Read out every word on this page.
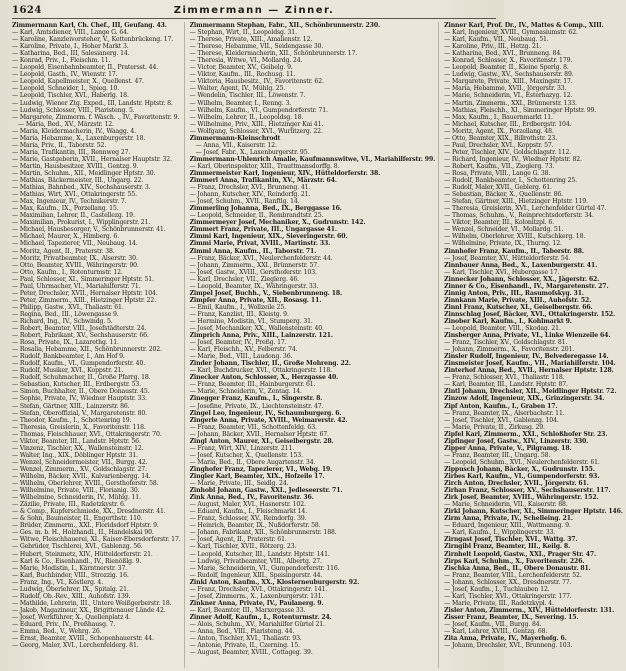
1624	Zimmermann — Zinner.
Zimmermann Karl, Ch. Chef., III, Geufang. 43.
— Karl, Amtsdiener, VIII., Lange G. 64.
— Karoline, Kanzleivorsteher, V., Kettenbrückeng. 17.
— Karoline, Private, I., Hoher Markt 3.
— Katharina, Bed., III, Salesianerg. 14.
— Konrad, Priv., I., Fleischm. 11.
— Leopold, Eisenbahnbeamter, II., Pratersst. 44.
— Leopold, Gasth., IV., Wienstr. 17.
— Leopold, Kapellmeister, X., Quellenst. 47.
— Leopold, Schneider, I., Spieg. 10.
— Leopold, Tischler, XVI., Haberlg. 18.
— Ludwig, Wiener Ztg. Exped., III, Landstr. Hptstr. 8.
— Ludwig, Schlosser, VIII., Piaristeng. 5.
— Margarete, Zimmerm. f. Wäsch. ., IV., Favoritenstr. 9.
— Maria, Bed., XV., Märzstr. 12.
— Maria, Kleidermacherin, IV., Waagg. 4.
— Maria, Hebamme, X., Laxenburgerstr. 18.
— Maria, Priv., II., Taborstr. 52.
— Maria, Trafikantin, III., Rennweg 27.
— Marie, Gastgeberin, XVII., Hernalser Hauptstr. 32.
— Martin, Hausbesitzer, XVIII., Gentzg. 9.
— Martin, Schuhm., XII., Meidlinger Hptstr. 30.
— Mathias, Bäckermeister, III., Ungarg. 22.
— Mathias, Bahnbed., XIV., Sechshauserstr. 3.
— Mathias, Wirt, XVI., Ottakringerstr. 55.
— Max, Ingenieur, IV., Technikerstr. 7.
— Max, Kaufm., IX., Porzellang. 15.
— Maximilian, Lehrer, II., Castellezg. 19.
— Maximilian, Prokurist, I., Wipplingerstr. 21.
— Michael, Hausbesorger, V., Schönbrunnerstr. 41.
— Michael, Maurer, X., Himberg. 6.
— Michael, Tapezierer, VII., Neubaug. 14.
— Moritz, Agent, II., Praterstr. 38.
— Moritz, Privatbeamter, IX., Alserstr. 30.
— Otto, Beamter, XVIII., Währingerstr. 90.
— Otto, Kaufm., I., Rotenturmstr. 12.
— Paul, Schlosser, XI., Simmeringer Hptstr. 51.
— Paul, Uhrmacher, VI., Mariahilferstr. 71.
— Peter, Drechsler, XVII., Hernalser Hptstr. 104.
— Peter, Zimmerm., XIII., Hietzinger Hptstr. 22.
— Philipp, Gastw., XVI., Thaliastr. 61.
— Regina, Bed., III., Löwengasse 9.
— Richard, Ing., IV., Schwindg. 5.
— Robert, Beamter, VIII., Josefstädterstr. 24.
— Robert, Fabrikant, XV., Sechshauserstr. 66.
— Rosa, Private, IX., Lazarethg. 11.
— Rosalia, Hebamme, XII., Schönbrunnerstr. 202.
— Rudolf, Bankbeamter, I., Am Hof 9.
— Rudolf, Kaufm., VI., Gumpendorferstr. 40.
— Rudolf, Musiker, XVI., Koppstr. 21.
— Rudolf, Schuhmacher, II., Große Pfarrg. 18.
— Sebastian, Kutscher, III., Erdbergstr. 53.
— Simon, Buchhalter, II., Obere Donaustr. 45.
— Sophie, Private, IV., Wiedner Hauptstr. 33.
— Stefan, Gärtner, XIII., Lainzerstr. 86.
— Stefan, Oberoffizial, V., Margaretenstr. 80.
— Theodor, Kaufm., I., Schottenring 19.
— Theresia, Greislerin, X., Favoritenstr. 118.
— Thomas, Fleischhauer, XVI., Ottakringerstr. 70.
— Viktor, Beamter, III., Landstr. Hptstr. 56.
— Vinzenz, Tischler, XX., Wallensteinstr. 12.
— Walter, Ing., XIX., Döblinger Hptstr. 31.
— Wenzel, Schneidermeister, VII., Burgg. 42.
— Wenzel, Zimmerm., XV., Goldschlagstr. 27.
— Wilhelm, Bäcker, XVII., Kalvarienbergg. 14.
— Wilhelm, Oberlehrer, XVIII., Gersthoferstr. 58.
— Wilhelmine, Private, VIII., Florianig. 30.
— Wilhelmine, Schneiderin, IV., Mühlg. 11.
— Zäzilie, Private, III., Radetzkystr. 6.
— & Comp., Kupferschmiede, XX., Dresdnerstr. 41.
— & Sohn, Baumeister, II., Engerthstr. 110.
— Brüder, Zimmerm., XXI., Floridsdorf Hptstr. 9.
— Ges. m. b. H., Holzhandl., II., Handelskai 90.
— Witwe, Fleischhauerei, XI., Kaiser-Ebersdorferstr. 17.
— Gebrüder, Tischlerei, XVI., Gablenzg. 56.
— Hubert, Steinmetz, XIV., Hütteldorferstr. 21.
— Karl & Co., Eisenhandl., IV., Rienößlg. 9.
— Marie, Modistin, I., Kärntnerstr. 37.
— Karl, Buchbinder, VIII., Strozzig. 16.
— Franz, Ing., VI., Köstlerg. 4.
— Ludwig, Oberlehrer, IX., Spitalg. 21.
— Rudolf, Ob.-Rev., XIII., Auhofstr. 139.
— Mathilde, Lehrerin, III., Untere Weißgerberstr. 18.
— Jakob, Magazineur, XX., Brigittenauer Lände 42.
— Josef, Werkführer, X., Quellenplatz 4.
— Eduard, Priv., IV., Preßhausg. 7.
— Emma, Bed., V., Wehrg. 26.
— Ernst, Beamter, XVIII., Schopenhauerstr. 44.
— Georg, Maler, XVI., Lerchenfelderg. 81.
Zimmermann Stephan, Fabr., XII., Schönbrunnerstr. 230.
— Stephan, Wirt, II., Leopoldsg. 31.
— Therese, Private, XIII., Amalienstr. 12.
— Therese, Hebamme, VII., Seidengasse 30.
— Therese, Kleidermacherin, XII., Schönbrunnerstr. 17.
— Theresia, Witwe, VI., Mollardg. 24.
— Victor, Beamter, XV., Geibelg. 9.
— Viktor, Kaufm., III., Rochusg. 11.
— Viktoria, Hausbesitz., IV., Favoritenstr. 62.
— Walter, Agent, IV., Mühlg. 25.
— Wendelin, Tischler, III., Löwenstr. 7.
— Wilhelm, Beamter, I., Renng. 3.
— Wilhelm, Kaufm., VI., Gumpendorferstr. 71.
— Wilhelm, Lehrer, II., Leopoldsg. 18.
— Wilhelmine, Priv., XIII., Hietzinger Kai 41.
— Wolfgang, Schlosser, XVI., Wurlitzerg. 22.
Zimmermann-Kleinschrodt
— Anna, VII., Kaiserstr. 12.
— Josef, Fabr., X., Laxenburgerstr. 95.
Zimmermann-Uhlenrich Amalie, Kaufmannswitwe, VI., Mariahilferstr. 99.
— Karl, Oberinspektor, XIII., Trauttmansdorffg. 8.
Zimmermeister Karl, Ingenieur, XIV., Hütteldorferstr. 38.
Zimmerl Anna, Trafikantin, XV., Märzstr. 64.
— Franz, Drechsler, XVI., Brunneng. 41.
— Johann, Kutscher, XIV., Reindorfg. 21.
— Josef, Schuhm., XVII., Ranftlg. 14.
Zimmerling Johanna, Bed., IX., Berggasse 16.
— Leopold, Schneider, II., Rembrandtstr. 25.
Zimmermeyer Josef, Mechaniker, X., Gudrunstr. 142.
Zimmert Franz, Private, III., Ungargasse 41.
Zimmi Karl, Ingenieur, XIX., Sieveringerstr. 60.
Zimmi Marie, Privat, XVIII., Martinstr. 33.
Zimml Anna, Kaufm., II., Taborstr. 71.
— Franz, Bäcker, XVI., Neulerchenfelderstr. 44.
— Johann, Zimmerm., XXI., Brünnerstr. 57.
— Josef, Gastw., XVIII., Gersthoferstr. 103.
— Karl, Drechsler, VII., Zieglerg. 46.
— Leopold, Beamter, IX., Währingerstr. 33.
Zimpel Josef, Buchh., V., Siebenbrunneng. 18.
Zimpfer Anna, Private, XII., Rosasg. 11.
— Emil, Kaufm., I., Wollzeile 25.
— Franz, Kanzlist, III., Kleistg. 9.
— Hermine, Modistin, VI., Stumperg. 31.
— Josef, Mechaniker, XX., Wallensteinstr. 40.
Zimprich Anna, Priv., XIII., Lainzerstr. 121.
— Josef, Beamter, IV., Preßg. 17.
— Karl, Fleischh., XV., Felberstr. 74.
— Marie, Bed., VIII., Laudong. 36.
Zinder Johann, Tischler, II., Große Mohreng. 22.
— Karl, Buchdrucker, XVI., Ottakringerstr. 118.
Zinecker Anton, Schlosser, X., Herzgasse 40.
— Franz, Beamter, III., Hainburgerstr. 61.
— Marie, Schneiderin, V., Zentag. 14.
Zinegger Franz, Kaufm., I., Singerstr. 8.
— Josefine, Private, IX., Liechtensteinstr. 47.
Zingel Leo, Ingenieur, IV., Schaumburgerg. 6.
Zingerle Anna, Private, XVIII., Weimarerstr. 42.
— Franz, Beamter, VII., Schottenfeldg. 63.
— Johann, Bäcker, XVII., Hernalser Hptstr. 67.
Zingl Anton, Maurer, XI., Geiselbergstr. 28.
— Franz, Wirt, XIV., Linzerstr. 211.
— Josef, Kutscher, X., Quellenstr. 153.
— Maria, Bed., II., Obere Augartenstr. 34.
Zinghofer Franz, Tapezierer, VI., Webg. 19.
Zingler Karl, Beamter, XIX., Hofzeile 17.
— Marie, Private, III., Seidlg. 24.
Zinhobl Johann, Gastw., XXI., Jedleseerstr. 71.
Zink Anna, Bed., IV., Favoritenstr. 36.
— August, Maler, XVI., Hasnerstr. 102.
— Eduard, Kaufm., I., Fleischmarkt 14.
— Franz, Schlosser, XV., Reindorfg. 39.
— Heinrich, Beamter, IX., Nußdorferstr. 58.
— Johann, Fabrikant, XII., Schönbrunnerstr. 188.
— Josef, Agent, II., Praterstr. 61.
— Karl, Tischler, XVII., Rötzerg. 23.
— Leopold, Kutscher, III., Landstr. Hptstr. 141.
— Ludwig, Privatbeamter, VIII., Albertg. 27.
— Marie, Schneiderin, VI., Gumpendorferstr. 116.
— Rudolf, Ingenieur, XIII., Speisingerstr. 44.
Zinkl Anton, Kaufm., XX., Klosterneuburgerstr. 92.
— Franz, Drechsler, XVI., Ottakringerstr. 141.
— Josef, Zimmerm., X., Laxenburgerstr. 131.
Zinkner Anna, Private, IV., Paulanerg. 9.
— Karl, Beamter, III., Marxergasse 33.
Zinner Adolf, Kaufm., I., Rotenturmstr. 24.
— Alois, Schuhm., XV., Mariahilfer Gürtel 21.
— Anna, Bed., VIII., Piaristeng. 44.
— Anton, Tischler, XVI., Thaliastr. 93.
— Antonie, Private, II., Czerning. 15.
— August, Beamter, XVIII., Cottageg. 39.
Zinner Karl, Prof. Dr., IV., Mattes & Comp., XIII.
— Karl, Ingenieur, XVIII., Gymnasiumstr. 62.
— Karl, Kaufm., VII., Neubaug. 51.
— Karoline, Priv., III., Hetzg. 21.
— Katharina, Bed., XVI., Brunneng. 84.
— Konrad, Schlosser, X., Favoritenstr. 179.
— Leopold, Beamter, II., Kleine Sperlg. 8.
— Ludwig, Gastw., XV., Sechshauserstr. 89.
— Margarete, Private, XIII., Maxingstr. 17.
— Maria, Hebamme, XVII., Jörgerstr. 33.
— Marie, Schneiderin, VI., Esterhazyg. 12.
— Martin, Zimmerm., XXI., Brünnerstr. 133.
— Mathias, Fleischh., XI., Simmeringer Hptstr. 99.
— Max, Kaufm., I., Bauernmarkt 11.
— Michael, Kutscher, III., Erdbergstr. 104.
— Moritz, Agent, IX., Porzellang. 48.
— Otto, Beamter, XIX., Billrothstr. 23.
— Paul, Drechsler, XVI., Koppstr. 57.
— Peter, Tischler, XIV., Goldschlagstr. 112.
— Richard, Ingenieur, IV., Wiedner Hptstr. 82.
— Robert, Kaufm., VII., Zieglerg. 73.
— Rosa, Private, VIII., Lange G. 38.
— Rudolf, Bankbeamter, I., Schottenring 25.
— Rudolf, Maler, XVII., Geblerg. 61.
— Sebastian, Bäcker, X., Quellenstr. 86.
— Stefan, Gärtner, XIII., Hietzinger Hptstr. 119.
— Theresia, Greislerin, XVI., Lerchenfelder Gürtel 47.
— Thomas, Schuhm., V., Reinprechtsdorferstr. 34.
— Viktor, Beamter, III., Kolonitzpl. 6.
— Wenzel, Schneider, VI., Mollardg. 51.
— Wilhelm, Oberlehrer, XVIII., Kutschkerg. 18.
— Wilhelmine, Private, IX., Thurng. 12.
Zinnhofer Franz, Kaufm., II., Taborstr. 88.
— Josef, Beamter, XV., Hütteldorferstr. 54.
Zinnbauer Anna, Bed., X., Laxenburgerstr. 41.
— Karl, Tischler, XVI., Hubergasse 17.
Zinnecker Johann, Schlosser, XX., Jägerstr. 62.
Zinner & Co., Eisenhandl., IV., Margaretenstr. 27.
Zinnig Anton, Priv., III., Rasumofskyg. 31.
Zinnkann Marie, Private, XIII., Auhofstr. 52.
Zinnl Franz, Kutscher, XI., Geiselbergstr. 66.
Zinnschlag Josef, Bäcker, XVI., Ottakringerstr. 152.
Zinober Karl, Kaufm., I., Kohlmarkt 9.
— Leopold, Beamter, VIII., Skodag. 21.
Zinsberger Anna, Private, VI., Linke Wienzeile 64.
— Franz, Tischler, XV., Goldschlagstr. 81.
— Johann, Zimmerm., X., Favoritenstr. 201.
Zinsler Rudolf, Ingenieur, IV., Belvederegasse 14.
Zinsmeister Josef, Kaufm., VII., Mariahilferstr. 104.
Zinterhof Anna, Bed., XVII., Hernalser Hptstr. 128.
— Franz, Schlosser, XVI., Thaliastr. 118.
— Karl, Beamter, III., Landstr. Hptstr. 87.
Zintl Johann, Drechsler, XII., Meidlinger Hptstr. 72.
Zinzow Adolf, Ingenieur, XIX., Grinzingerstr. 34.
Zipf Anton, Kaufm., I., Graben 17.
— Franz, Beamter, IX., Alserbachstr. 11.
— Josef, Tischler, XVI., Gablenzg. 104.
— Marie, Private, II., Zirkusg. 29.
Zipfel Karl, Zimmerm., XXI., Schloßhofer Str. 23.
Zipfinger Josef, Gastw., XIV., Linzerstr. 330.
Zipper Anna, Private, V., Pilgramg. 18.
— Franz, Beamter, III., Ungarg. 58.
— Leopold, Schuhm., XVI., Neulerchenfelderstr. 61.
Zippusch Johann, Bäcker, X., Gudrunstr. 155.
Zirbes Karl, Kaufm., VI., Gumpendorferstr. 93.
Zirch Anton, Drechsler, XVII., Jörgerstr. 61.
Zirhan Franz, Schlosser, XV., Sechshauserstr. 117.
Zirk Josef, Beamter, XVIII., Währingerstr. 152.
— Marie, Schneiderin, VII., Kaiserstr. 88.
Zirkl Johann, Kutscher, XI., Simmeringer Hptstr. 146.
Zirm Anna, Private, IV., Schelleing. 21.
— Eduard, Ingenieur, XIII., Wattmanng. 9.
— Karl, Kaufm., I., Wipplingerstr. 33.
Zirngast Josef, Tischler, XVI., Wattg. 37.
Zirngibl Franz, Beamter, III., Keilg. 8.
Zirnhelt Leopold, Gastw., XXI., Prager Str. 47.
Zirps Karl, Schuhm., X., Favoritenstr. 226.
Zischka Anna, Bed., II., Obere Donaustr. 81.
— Franz, Beamter, VIII., Lerchenfelderstr. 52.
— Johann, Schlosser, XX., Dresdnerstr. 77.
— Josef, Kaufm., I., Tuchlauben 12.
— Karl, Tischler, XVI., Ottakringerstr. 177.
— Marie, Private, III., Radetzkypl. 4.
Zisler Anton, Zimmerm., XIV., Hütteldorferstr. 131.
Zisser Franz, Beamter, IX., Severing. 15.
— Josef, Kaufm., VII., Burgg. 84.
— Karl, Lehrer, XVIII., Gentzg. 68.
Zita Anna, Private, IV., Mayerhofg. 6.
— Johann, Drechsler, XVI., Brunneng. 103.
